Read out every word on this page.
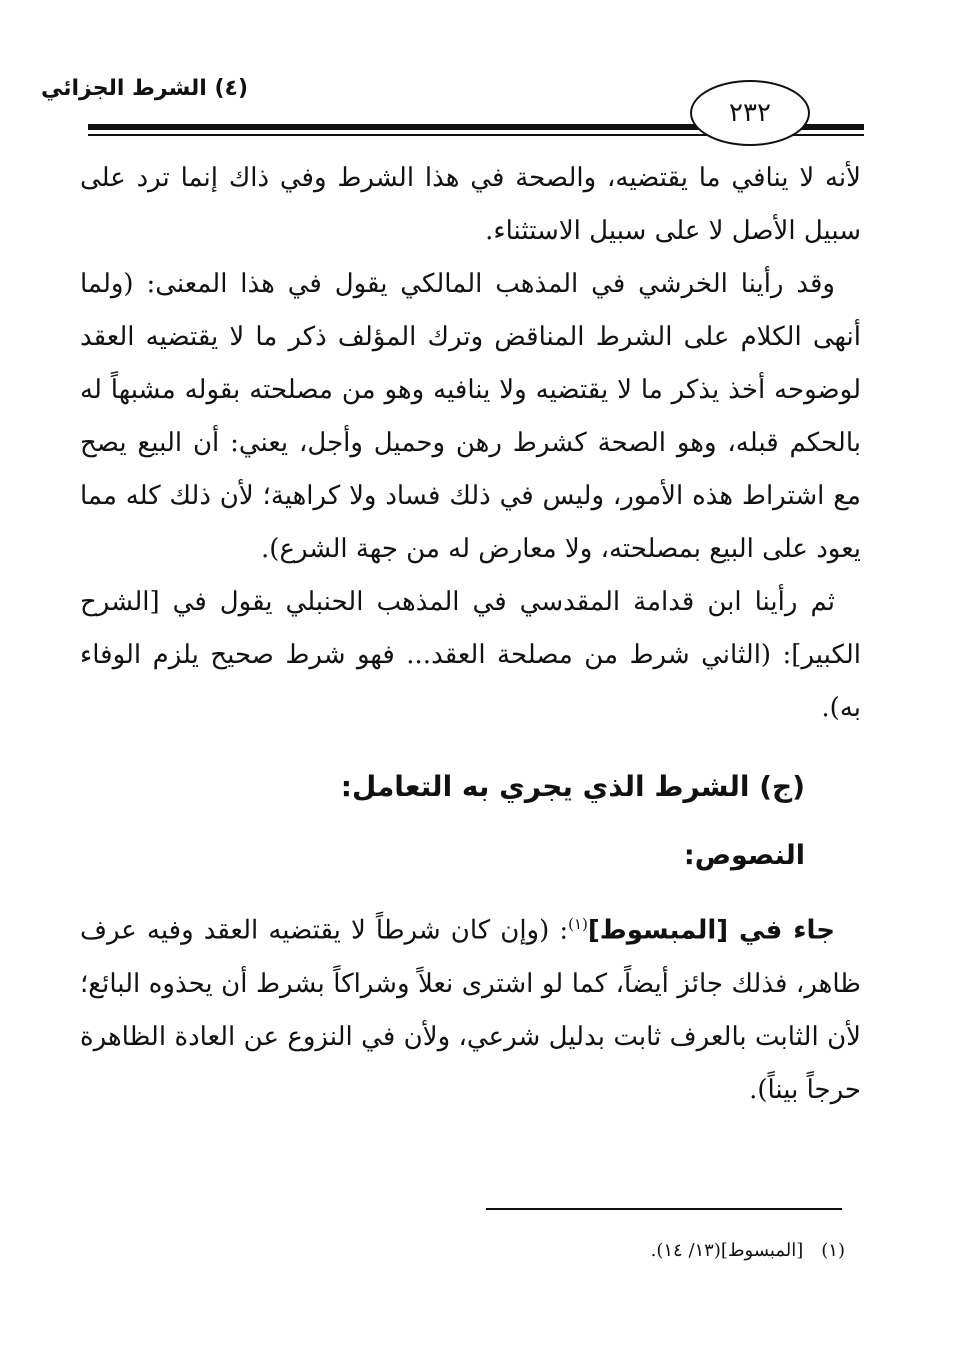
(٤) الشرط الجزائي
٢٣٢

لأنه لا ينافي ما يقتضيه، والصحة في هذا الشرط وفي ذاك إنما ترد على سبيل الأصل لا على سبيل الاستثناء.

وقد رأينا الخرشي في المذهب المالكي يقول في هذا المعنى: (ولما أنهى الكلام على الشرط المناقض وترك المؤلف ذكر ما لا يقتضيه العقد لوضوحه أخذ يذكر ما لا يقتضيه ولا ينافيه وهو من مصلحته بقوله مشبهاً له بالحكم قبله، وهو الصحة كشرط رهن وحميل وأجل، يعني: أن البيع يصح مع اشتراط هذه الأمور، وليس في ذلك فساد ولا كراهية؛ لأن ذلك كله مما يعود على البيع بمصلحته، ولا معارض له من جهة الشرع).

ثم رأينا ابن قدامة المقدسي في المذهب الحنبلي يقول في [الشرح الكبير]: (الثاني شرط من مصلحة العقد... فهو شرط صحيح يلزم الوفاء به).

(ج) الشرط الذي يجري به التعامل:
النصوص:

جاء في [المبسوط]$^{(١)}$: (وإن كان شرطاً لا يقتضيه العقد وفيه عرف ظاهر، فذلك جائز أيضاً، كما لو اشترى نعلاً وشراكاً بشرط أن يحذوه البائع؛ لأن الثابت بالعرف ثابت بدليل شرعي، ولأن في النزوع عن العادة الظاهرة حرجاً بيناً).

(١)[المبسوط](١٣/ ١٤).
